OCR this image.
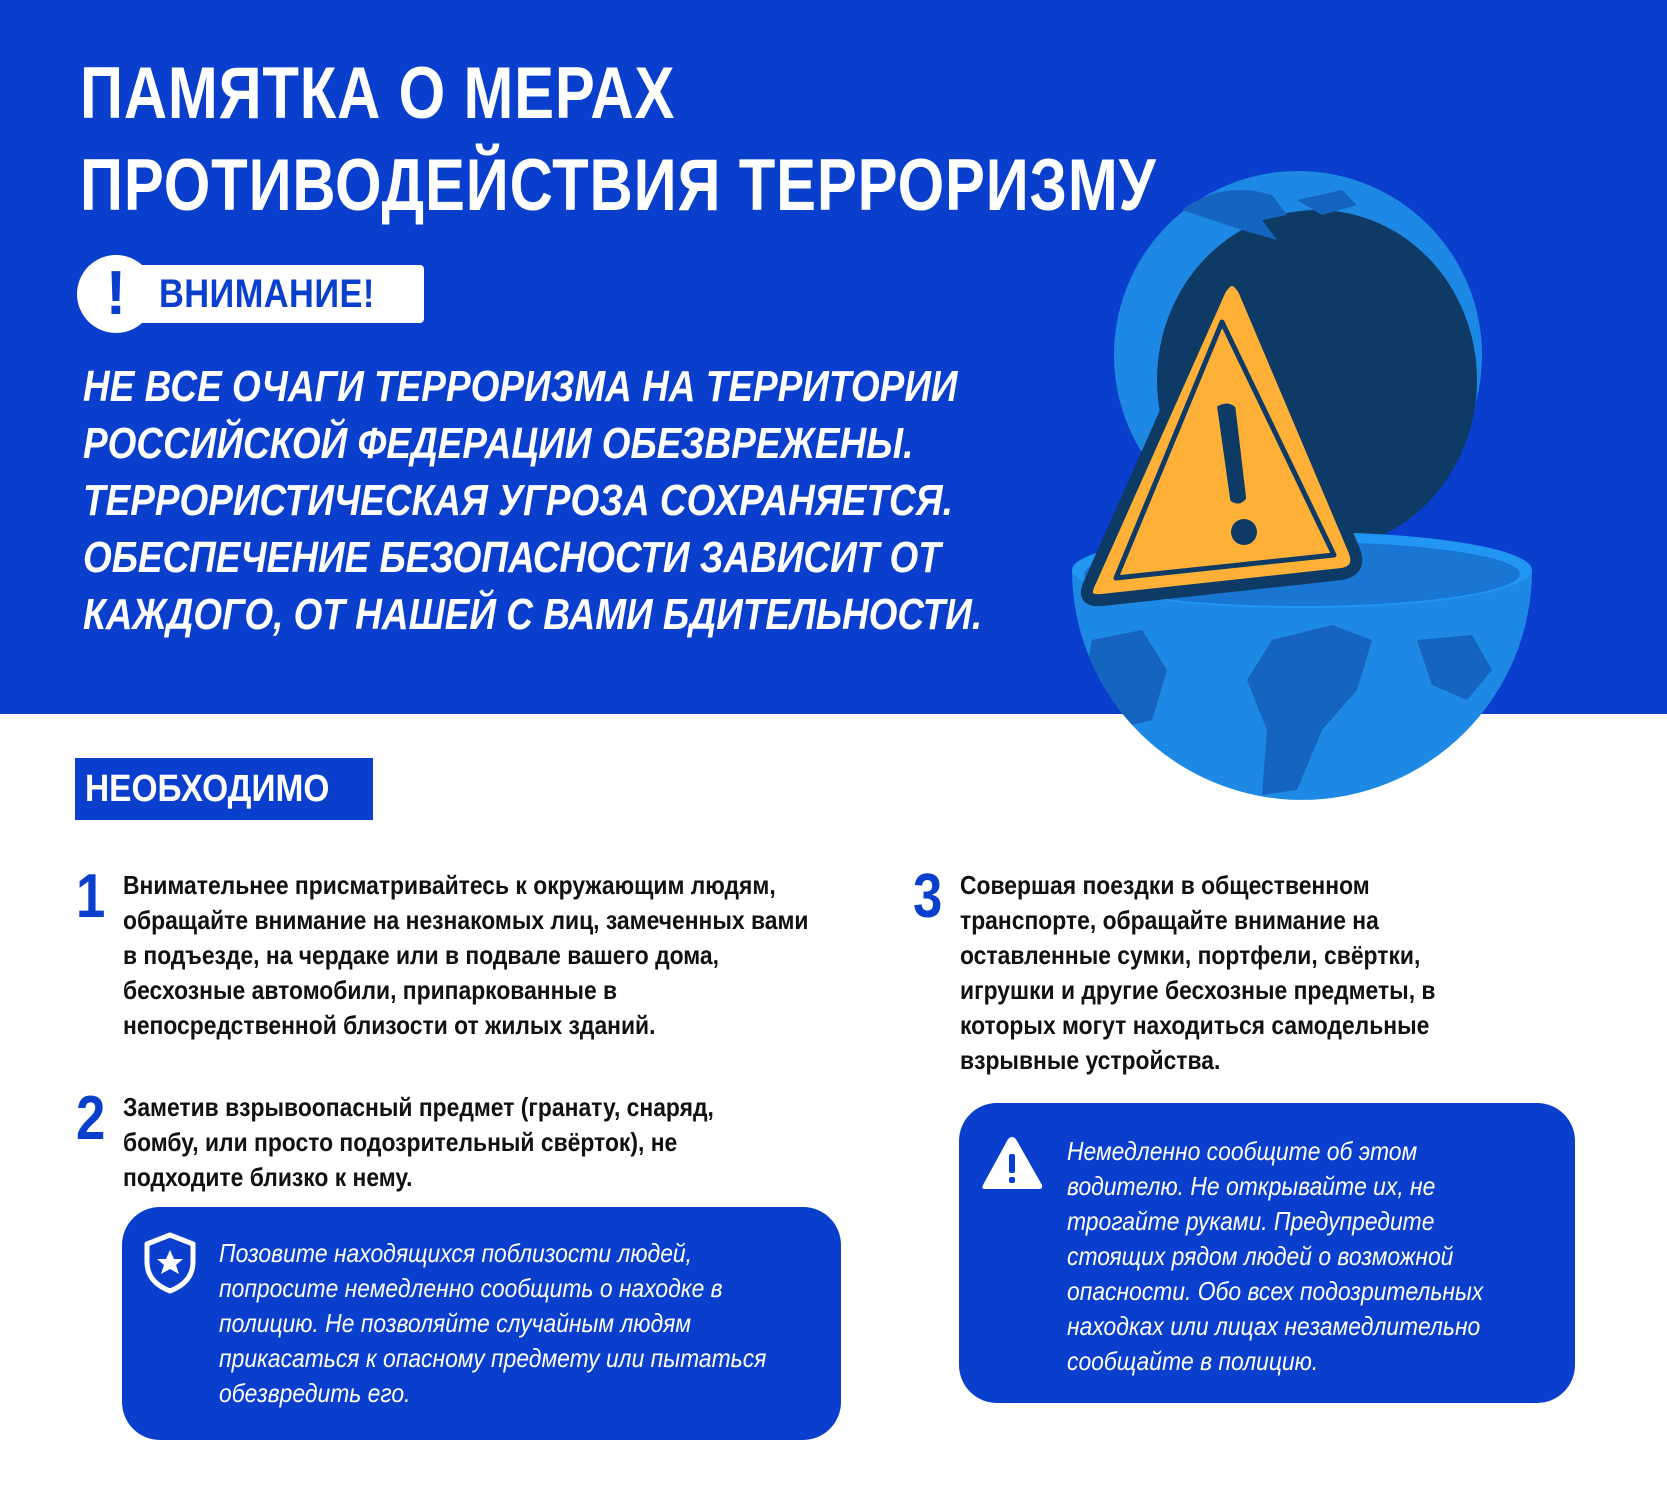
ПАМЯТКА О МЕРАХ ПРОТИВОДЕЙСТВИЯ ТЕРРОРИЗМУ
! ВНИМАНИЕ!

НЕ ВСЕ ОЧАГИ ТЕРРОРИЗМА НА ТЕРРИТОРИИ РОССИЙСКОЙ ФЕДЕРАЦИИ ОБЕЗВРЕЖЕНЫ. ТЕРРОРИСТИЧЕСКАЯ УГРОЗА СОХРАНЯЕТСЯ. ОБЕСПЕЧЕНИЕ БЕЗОПАСНОСТИ ЗАВИСИТ ОТ КАЖДОГО, ОТ НАШЕЙ С ВАМИ БДИТЕЛЬНОСТИ.

НЕОБХОДИМО
1 Внимательнее присматривайтесь к окружающим людям, обращайте внимание на незнакомых лиц, замеченных вами в подъезде, на чердаке или в подвале вашего дома, бесхозные автомобили, припаркованные в непосредственной близости от жилых зданий.

2 Заметив взрывоопасный предмет (гранату, снаряд, бомбу, или просто подозрительный свёрток), не подходите близко к нему.

Позовите находящихся поблизости людей, попросите немедленно сообщить о находке в полицию. Не позволяйте случайным людям прикасаться к опасному предмету или пытаться обезвредить его.

3 Совершая поездки в общественном транспорте, обращайте внимание на оставленные сумки, портфели, свёртки, игрушки и другие бесхозные предметы, в которых могут находиться самодельные взрывные устройства.

Немедленно сообщите об этом водителю. Не открывайте их, не трогайте руками. Предупредите стоящих рядом людей о возможной опасности. Обо всех подозрительных находках или лицах незамедлительно сообщайте в полицию.
